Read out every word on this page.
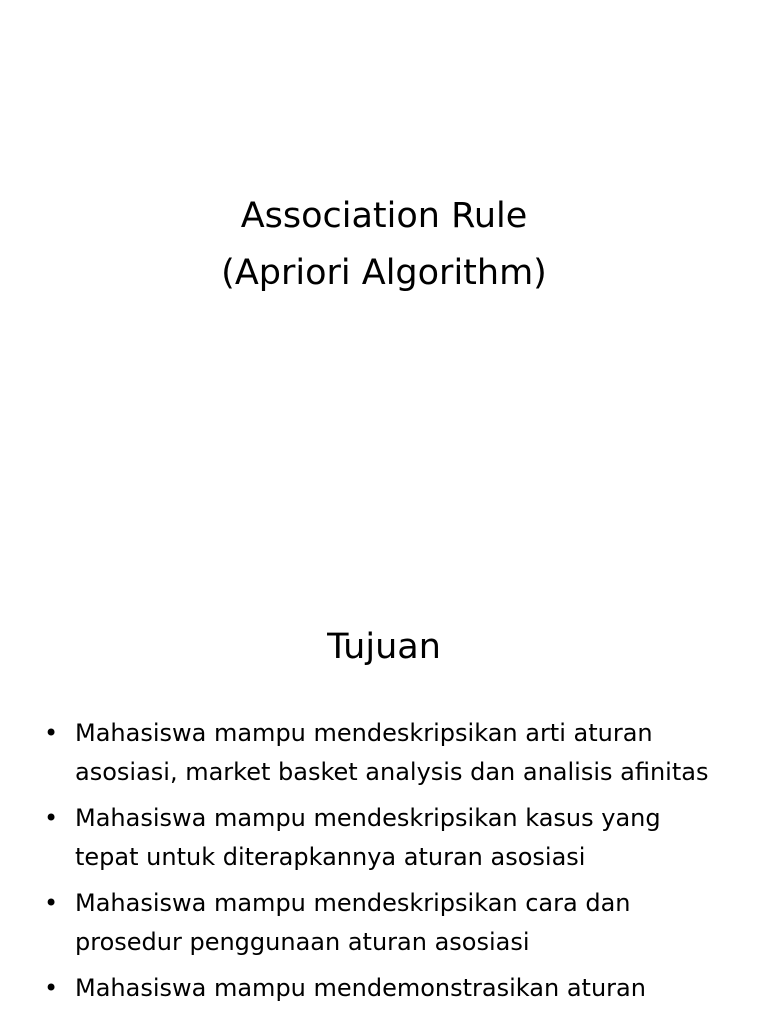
Association Rule
(Apriori Algorithm)
Tujuan
• Mahasiswa mampu mendeskripsikan arti aturan asosiasi, market basket analysis dan analisis afinitas
• Mahasiswa mampu mendeskripsikan kasus yang tepat untuk diterapkannya aturan asosiasi
• Mahasiswa mampu mendeskripsikan cara dan prosedur penggunaan aturan asosiasi
• Mahasiswa mampu mendemonstrasikan aturan
